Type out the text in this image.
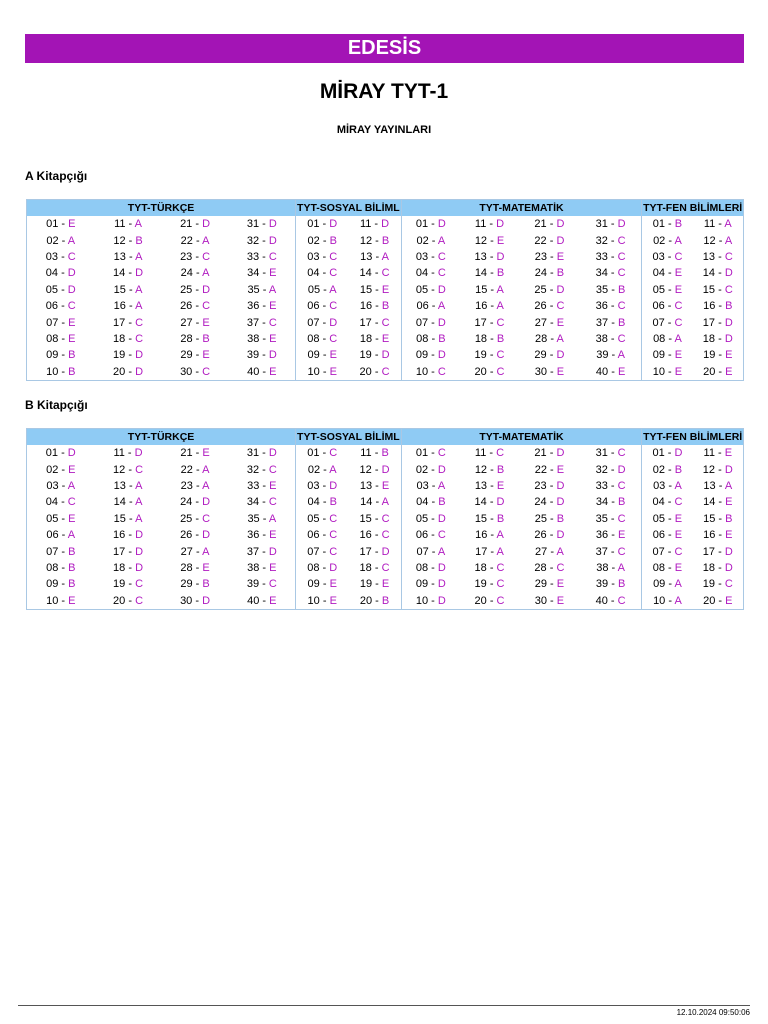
EDESİS
MİRAY TYT-1
MİRAY YAYINLARI
A Kitapçığı
TYT-TÜRKÇE				TYT-SOSYAL BİLİML		TYT-MATEMATİK				TYT-FEN BİLİMLERİ	
01 - E	11 - A	21 - D	31 - D	01 - D	11 - D	01 - D	11 - D	21 - D	31 - D	01 - B	11 - A
02 - A	12 - B	22 - A	32 - D	02 - B	12 - B	02 - A	12 - E	22 - D	32 - C	02 - A	12 - A
03 - C	13 - A	23 - C	33 - C	03 - C	13 - A	03 - C	13 - D	23 - E	33 - C	03 - C	13 - C
04 - D	14 - D	24 - A	34 - E	04 - C	14 - C	04 - C	14 - B	24 - B	34 - C	04 - E	14 - D
05 - D	15 - A	25 - D	35 - A	05 - A	15 - E	05 - D	15 - A	25 - D	35 - B	05 - E	15 - C
06 - C	16 - A	26 - C	36 - E	06 - C	16 - B	06 - A	16 - A	26 - C	36 - C	06 - C	16 - B
07 - E	17 - C	27 - E	37 - C	07 - D	17 - C	07 - D	17 - C	27 - E	37 - B	07 - C	17 - D
08 - E	18 - C	28 - B	38 - E	08 - C	18 - E	08 - B	18 - B	28 - A	38 - C	08 - A	18 - D
09 - B	19 - D	29 - E	39 - D	09 - E	19 - D	09 - D	19 - C	29 - D	39 - A	09 - E	19 - E
10 - B	20 - D	30 - C	40 - E	10 - E	20 - C	10 - C	20 - C	30 - E	40 - E	10 - E	20 - E
B Kitapçığı
TYT-TÜRKÇE				TYT-SOSYAL BİLİML		TYT-MATEMATİK				TYT-FEN BİLİMLERİ	
01 - D	11 - D	21 - E	31 - D	01 - C	11 - B	01 - C	11 - C	21 - D	31 - C	01 - D	11 - E
02 - E	12 - C	22 - A	32 - C	02 - A	12 - D	02 - D	12 - B	22 - E	32 - D	02 - B	12 - D
03 - A	13 - A	23 - A	33 - E	03 - D	13 - E	03 - A	13 - E	23 - D	33 - C	03 - A	13 - A
04 - C	14 - A	24 - D	34 - C	04 - B	14 - A	04 - B	14 - D	24 - D	34 - B	04 - C	14 - E
05 - E	15 - A	25 - C	35 - A	05 - C	15 - C	05 - D	15 - B	25 - B	35 - C	05 - E	15 - B
06 - A	16 - D	26 - D	36 - E	06 - C	16 - C	06 - C	16 - A	26 - D	36 - E	06 - E	16 - E
07 - B	17 - D	27 - A	37 - D	07 - C	17 - D	07 - A	17 - A	27 - A	37 - C	07 - C	17 - D
08 - B	18 - D	28 - E	38 - E	08 - D	18 - C	08 - D	18 - C	28 - C	38 - A	08 - E	18 - D
09 - B	19 - C	29 - B	39 - C	09 - E	19 - E	09 - D	19 - C	29 - E	39 - B	09 - A	19 - C
10 - E	20 - C	30 - D	40 - E	10 - E	20 - B	10 - D	20 - C	30 - E	40 - C	10 - A	20 - E
12.10.2024 09:50:06
